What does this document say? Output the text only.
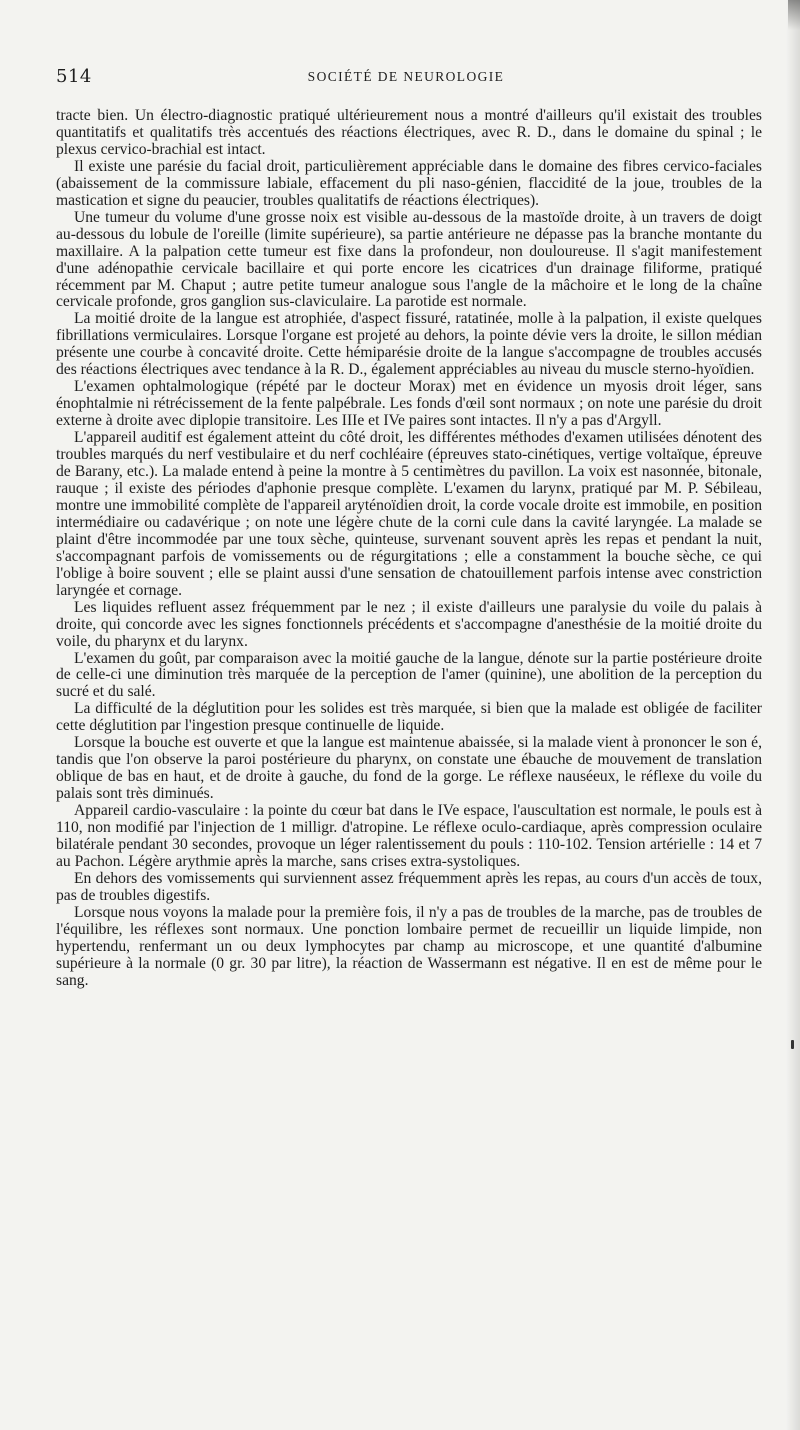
514	SOCIÉTÉ DE NEUROLOGIE

tracte bien. Un électro-diagnostic pratiqué ultérieurement nous a montré d'ailleurs qu'il existait des troubles quantitatifs et qualitatifs très accentués des réactions électriques, avec R. D., dans le domaine du spinal ; le plexus cervico-brachial est intact.

Il existe une parésie du facial droit, particulièrement appréciable dans le domaine des fibres cervico-faciales (abaissement de la commissure labiale, effacement du pli naso-génien, flaccidité de la joue, troubles de la mastication et signe du peaucier, troubles qualitatifs de réactions électriques).

Une tumeur du volume d'une grosse noix est visible au-dessous de la mastoïde droite, à un travers de doigt au-dessous du lobule de l'oreille (limite supérieure), sa partie antérieure ne dépasse pas la branche montante du maxillaire. A la palpation cette tumeur est fixe dans la profondeur, non douloureuse. Il s'agit manifestement d'une adénopathie cervicale bacillaire et qui porte encore les cicatrices d'un drainage filiforme, pratiqué récemment par M. Chaput ; autre petite tumeur analogue sous l'angle de la mâchoire et le long de la chaîne cervicale profonde, gros ganglion sus-claviculaire. La parotide est normale.

La moitié droite de la langue est atrophiée, d'aspect fissuré, ratatinée, molle à la palpation, il existe quelques fibrillations vermiculaires. Lorsque l'organe est projeté au dehors, la pointe dévie vers la droite, le sillon médian présente une courbe à concavité droite. Cette hémiparésie droite de la langue s'accompagne de troubles accusés des réactions électriques avec tendance à la R. D., également appréciables au niveau du muscle sterno-hyoïdien.

L'examen ophtalmologique (répété par le docteur Morax) met en évidence un myosis droit léger, sans énophtalmie ni rétrécissement de la fente palpébrale. Les fonds d'œil sont normaux ; on note une parésie du droit externe à droite avec diplopie transitoire. Les IIIe et IVe paires sont intactes. Il n'y a pas d'Argyll.

L'appareil auditif est également atteint du côté droit, les différentes méthodes d'examen utilisées dénotent des troubles marqués du nerf vestibulaire et du nerf cochléaire (épreuves stato-cinétiques, vertige voltaïque, épreuve de Barany, etc.). La malade entend à peine la montre à 5 centimètres du pavillon. La voix est nasonnée, bitonale, rauque ; il existe des périodes d'aphonie presque complète. L'examen du larynx, pratiqué par M. P. Sébileau, montre une immobilité complète de l'appareil aryténoïdien droit, la corde vocale droite est immobile, en position intermédiaire ou cadavérique ; on note une légère chute de la corni cule dans la cavité laryngée. La malade se plaint d'être incommodée par une toux sèche, quinteuse, survenant souvent après les repas et pendant la nuit, s'accompagnant parfois de vomissements ou de régurgitations ; elle a constamment la bouche sèche, ce qui l'oblige à boire souvent ; elle se plaint aussi d'une sensation de chatouillement parfois intense avec constriction laryngée et cornage.

Les liquides refluent assez fréquemment par le nez ; il existe d'ailleurs une paralysie du voile du palais à droite, qui concorde avec les signes fonctionnels précédents et s'accompagne d'anesthésie de la moitié droite du voile, du pharynx et du larynx.

L'examen du goût, par comparaison avec la moitié gauche de la langue, dénote sur la partie postérieure droite de celle-ci une diminution très marquée de la perception de l'amer (quinine), une abolition de la perception du sucré et du salé.

La difficulté de la déglutition pour les solides est très marquée, si bien que la malade est obligée de faciliter cette déglutition par l'ingestion presque continuelle de liquide.

Lorsque la bouche est ouverte et que la langue est maintenue abaissée, si la malade vient à prononcer le son é, tandis que l'on observe la paroi postérieure du pharynx, on constate une ébauche de mouvement de translation oblique de bas en haut, et de droite à gauche, du fond de la gorge. Le réflexe nauséeux, le réflexe du voile du palais sont très diminués.

Appareil cardio-vasculaire : la pointe du cœur bat dans le IVe espace, l'auscultation est normale, le pouls est à 110, non modifié par l'injection de 1 milligr. d'atropine. Le réflexe oculo-cardiaque, après compression oculaire bilatérale pendant 30 secondes, provoque un léger ralentissement du pouls : 110-102. Tension artérielle : 14 et 7 au Pachon. Légère arythmie après la marche, sans crises extra-systoliques.

En dehors des vomissements qui surviennent assez fréquemment après les repas, au cours d'un accès de toux, pas de troubles digestifs.

Lorsque nous voyons la malade pour la première fois, il n'y a pas de troubles de la marche, pas de troubles de l'équilibre, les réflexes sont normaux. Une ponction lombaire permet de recueillir un liquide limpide, non hypertendu, renfermant un ou deux lymphocytes par champ au microscope, et une quantité d'albumine supérieure à la normale (0 gr. 30 par litre), la réaction de Wassermann est négative. Il en est de même pour le sang.
